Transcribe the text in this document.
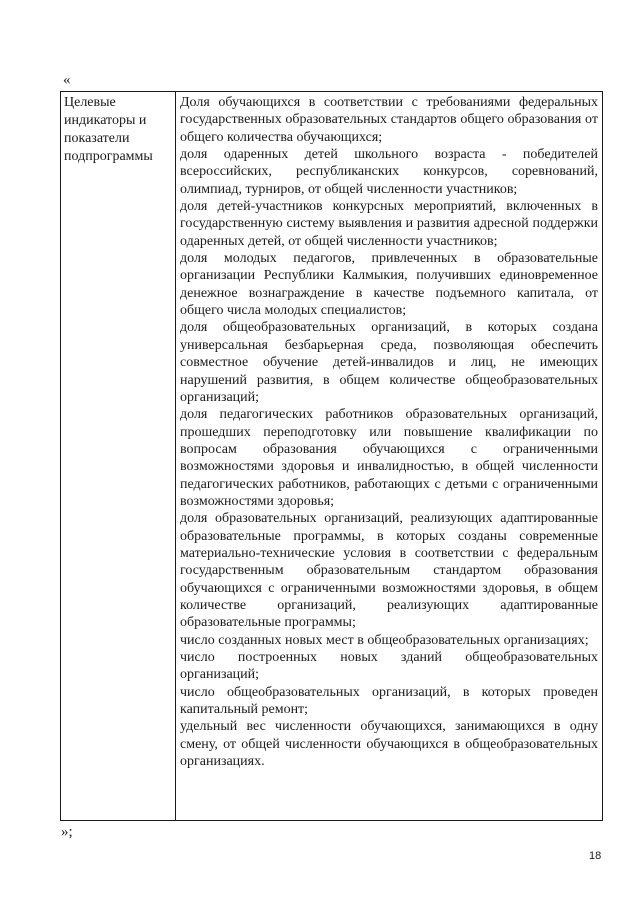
«
Целевые
индикаторы и
показатели
подпрограммы

Доля обучающихся в соответствии с требованиями федеральных государственных образовательных стандартов общего образования от общего количества обучающихся;

доля одаренных детей школьного возраста - победителей всероссийских, республиканских конкурсов, соревнований, олимпиад, турниров, от общей численности участников;

доля детей-участников конкурсных мероприятий, включенных в государственную систему выявления и развития адресной поддержки одаренных детей, от общей численности участников;

доля молодых педагогов, привлеченных в образовательные организации Республики Калмыкия, получивших единовременное денежное вознаграждение в качестве подъемного капитала, от общего числа молодых специалистов;

доля общеобразовательных организаций, в которых создана универсальная безбарьерная среда, позволяющая обеспечить совместное обучение детей-инвалидов и лиц, не имеющих нарушений развития, в общем количестве общеобразовательных организаций;

доля педагогических работников образовательных организаций, прошедших переподготовку или повышение квалификации по вопросам образования обучающихся с ограниченными возможностями здоровья и инвалидностью, в общей численности педагогических работников, работающих с детьми с ограниченными возможностями здоровья;

доля образовательных организаций, реализующих адаптированные образовательные программы, в которых созданы современные материально-технические условия в соответствии с федеральным государственным образовательным стандартом образования обучающихся с ограниченными возможностями здоровья, в общем количестве организаций, реализующих адаптированные образовательные программы;

число созданных новых мест в общеобразовательных организациях;

число построенных новых зданий общеобразовательных организаций;

число общеобразовательных организаций, в которых проведен капитальный ремонт;

удельный вес численности обучающихся, занимающихся в одну смену, от общей численности обучающихся в общеобразовательных организациях.

»;
18
